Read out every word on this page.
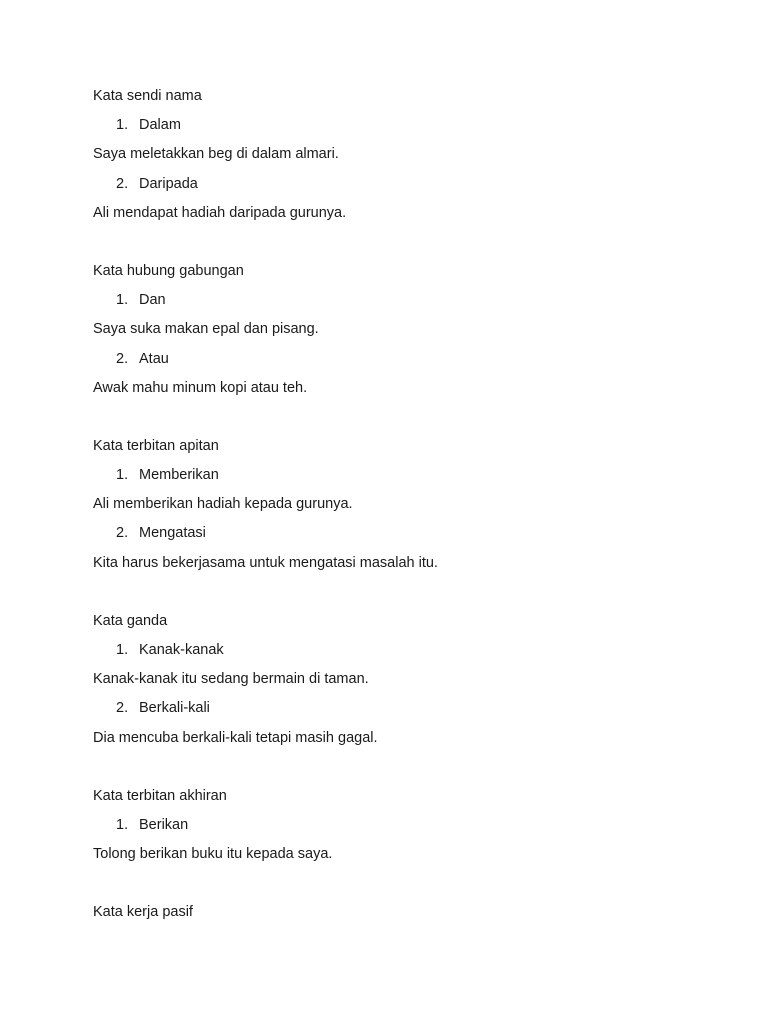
Kata sendi nama
1. Dalam
Saya meletakkan beg di dalam almari.
2. Daripada
Ali mendapat hadiah daripada gurunya.
Kata hubung gabungan
1. Dan
Saya suka makan epal dan pisang.
2. Atau
Awak mahu minum kopi atau teh.
Kata terbitan apitan
1. Memberikan
Ali memberikan hadiah kepada gurunya.
2. Mengatasi
Kita harus bekerjasama untuk mengatasi masalah itu.
Kata ganda
1. Kanak-kanak
Kanak-kanak itu sedang bermain di taman.
2. Berkali-kali
Dia mencuba berkali-kali tetapi masih gagal.
Kata terbitan akhiran
1. Berikan
Tolong berikan buku itu kepada saya.
Kata kerja pasif
